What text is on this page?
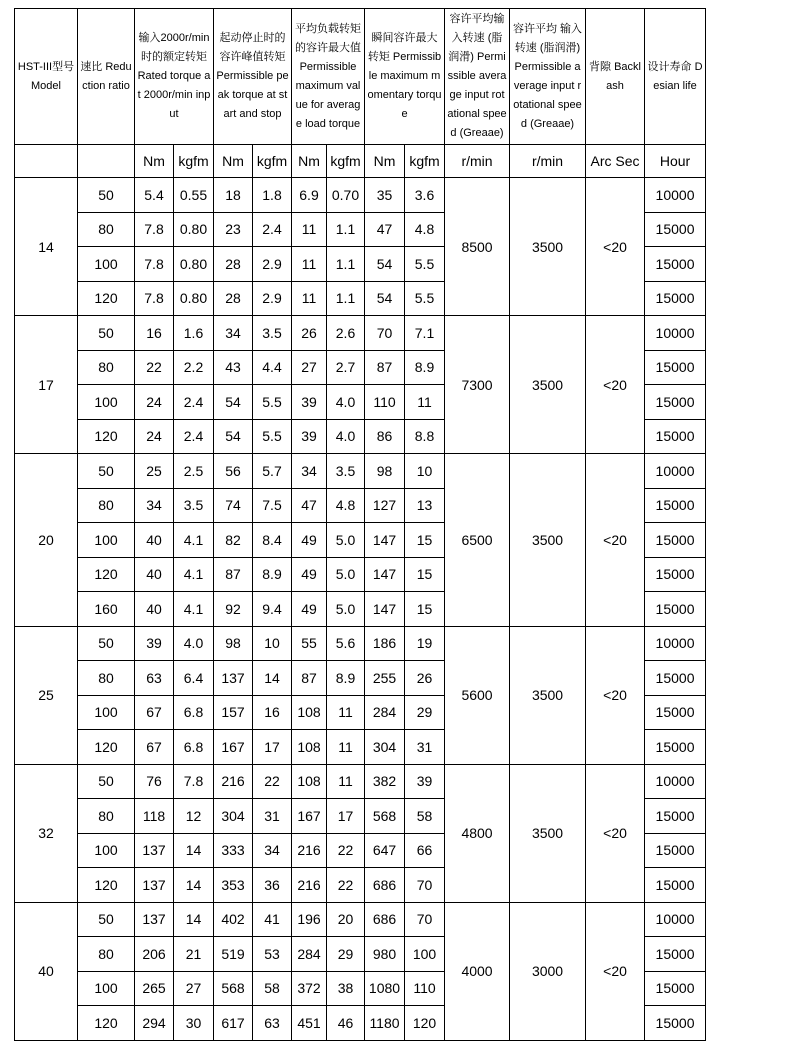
HST-III型号 Model	速比 Reduction ratio	输入2000r/min 时的额定转矩 Rated torque at 2000r/min input		起动停止时的容许峰值转矩 Permissible peak torque at start and stop		平均负载转矩的容许最大值 Permissible maximum value for average load torque		瞬间容许最大转矩 Permissible maximum momentary torque		容许平均输入转速 (脂润滑) Permissible average input rotational speed (Greaae)	容许平均 输入转速 (脂润滑) Permissible average input rotational speed (Greaae)	背隙 Backlash	设计寿命 Desian life
		Nm	kgfm	Nm	kgfm	Nm	kgfm	Nm	kgfm	r/min	r/min	Arc Sec	Hour
14	50	5.4	0.55	18	1.8	6.9	0.70	35	3.6	8500	3500	<20	10000
	80	7.8	0.80	23	2.4	11	1.1	47	4.8				15000
	100	7.8	0.80	28	2.9	11	1.1	54	5.5				15000
	120	7.8	0.80	28	2.9	11	1.1	54	5.5				15000
17	50	16	1.6	34	3.5	26	2.6	70	7.1	7300	3500	<20	10000
	80	22	2.2	43	4.4	27	2.7	87	8.9				15000
	100	24	2.4	54	5.5	39	4.0	110	11				15000
	120	24	2.4	54	5.5	39	4.0	86	8.8				15000
20	50	25	2.5	56	5.7	34	3.5	98	10	6500	3500	<20	10000
	80	34	3.5	74	7.5	47	4.8	127	13				15000
	100	40	4.1	82	8.4	49	5.0	147	15				15000
	120	40	4.1	87	8.9	49	5.0	147	15				15000
	160	40	4.1	92	9.4	49	5.0	147	15				15000
25	50	39	4.0	98	10	55	5.6	186	19	5600	3500	<20	10000
	80	63	6.4	137	14	87	8.9	255	26				15000
	100	67	6.8	157	16	108	11	284	29				15000
	120	67	6.8	167	17	108	11	304	31				15000
32	50	76	7.8	216	22	108	11	382	39	4800	3500	<20	10000
	80	118	12	304	31	167	17	568	58				15000
	100	137	14	333	34	216	22	647	66				15000
	120	137	14	353	36	216	22	686	70				15000
40	50	137	14	402	41	196	20	686	70	4000	3000	<20	10000
	80	206	21	519	53	284	29	980	100				15000
	100	265	27	568	58	372	38	1080	110				15000
	120	294	30	617	63	451	46	1180	120				15000
